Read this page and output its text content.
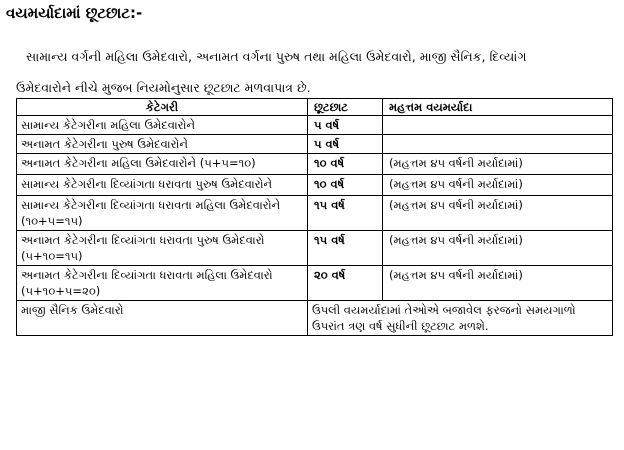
વયમર્યાદામાં છૂટછાટ:-

સામાન્ય વર્ગની મહિલા ઉમેદવારો, અનામત વર્ગના પુરુષ તથા મહિલા ઉમેદવારો, માજી સૈનિક, દિવ્યાંગ
ઉમેદવારોને નીચે મુજબ નિયમોનુસાર છૂટછાટ મળવાપાત્ર છે.

કેટેગરી	છૂટછાટ	મહત્તમ વયમર્યાદા
સામાન્ય કેટેગરીના મહિલા ઉમેદવારોને	૫ વર્ષ	
અનામત કેટેગરીના પુરુષ ઉમેદવારોને	૫ વર્ષ	
અનામત કેટેગરીના મહિલા ઉમેદવારોને (૫+૫=૧૦)	૧૦ વર્ષ	(મહત્તમ ૪૫ વર્ષની મર્યાદામાં)
સામાન્ય કેટેગરીના દિવ્યાંગતા ધરાવતા પુરુષ ઉમેદવારોને	૧૦ વર્ષ	(મહત્તમ ૪૫ વર્ષની મર્યાદામાં)
સામાન્ય કેટેગરીના દિવ્યાંગતા ધરાવતા મહિલા ઉમેદવારોને (૧૦+૫=૧૫)	૧૫ વર્ષ	(મહત્તમ ૪૫ વર્ષની મર્યાદામાં)
અનામત કેટેગરીના દિવ્યાંગતા ધરાવતા પુરુષ ઉમેદવારો (૫+૧૦=૧૫)	૧૫ વર્ષ	(મહત્તમ ૪૫ વર્ષની મર્યાદામાં)
અનામત કેટેગરીના દિવ્યાંગતા ધરાવતા મહિલા ઉમેદવારો (૫+૧૦+૫=૨૦)	૨૦ વર્ષ	(મહત્તમ ૪૫ વર્ષની મર્યાદામાં)
માજી સૈનિક ઉમેદવારો	ઉપલી વયમર્યાદામાં તેઓએ બજાવેલ ફરજનો સમયગાળો ઉપરાંત ત્રણ વર્ષ સુધીની છૂટછાટ મળશે.	
